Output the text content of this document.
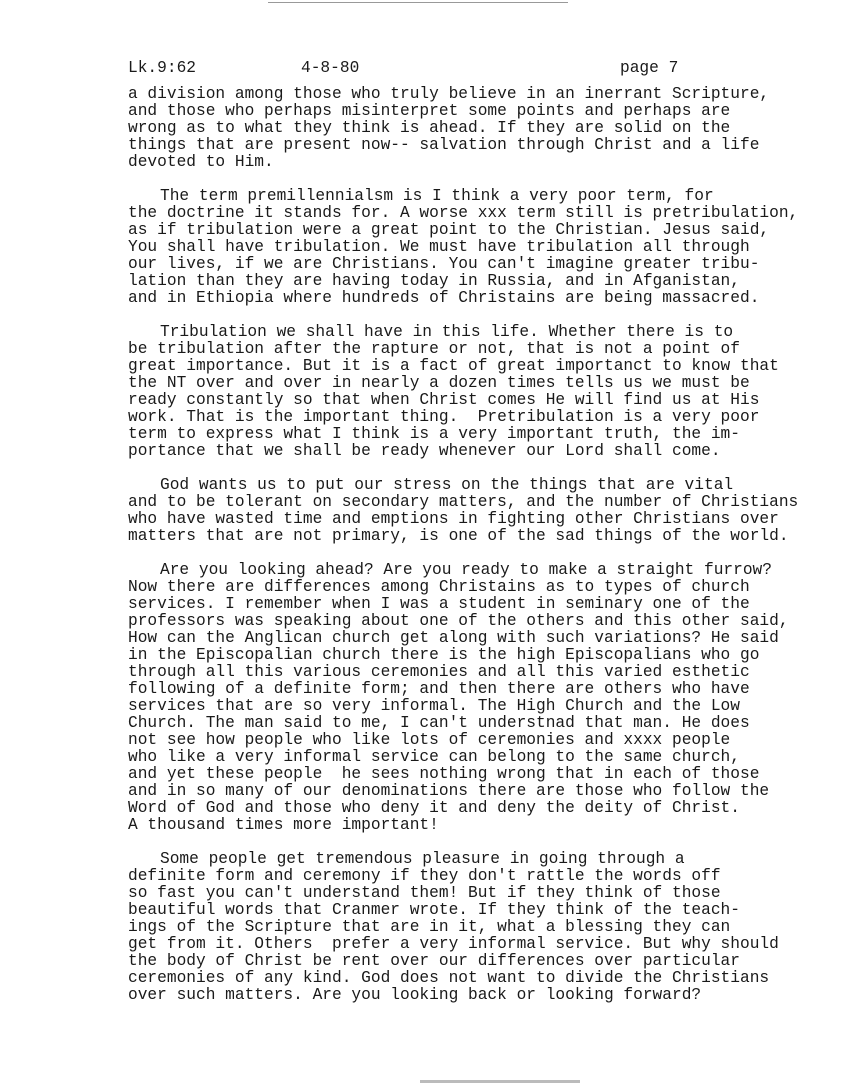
Lk.9:62	4-8-80	page 7
a division among those who truly believe in an inerrant Scripture,
and those who perhaps misinterpret some points and perhaps are
wrong as to what they think is ahead. If they are solid on the
things that are present now-- salvation through Christ and a life
devoted to Him.
The term premillennialsm is I think a very poor term, for
the doctrine it stands for. A worse xxx term still is pretribulation,
as if tribulation were a great point to the Christian. Jesus said,
You shall have tribulation. We must have tribulation all through
our lives, if we are Christians. You can't imagine greater tribu-
lation than they are having today in Russia, and in Afganistan,
and in Ethiopia where hundreds of Christains are being massacred.
Tribulation we shall have in this life. Whether there is to
be tribulation after the rapture or not, that is not a point of
great importance. But it is a fact of great importanct to know that
the NT over and over in nearly a dozen times tells us we must be
ready constantly so that when Christ comes He will find us at His
work. That is the important thing.  Pretribulation is a very poor
term to express what I think is a very important truth, the im-
portance that we shall be ready whenever our Lord shall come.
God wants us to put our stress on the things that are vital
and to be tolerant on secondary matters, and the number of Christians
who have wasted time and emptions in fighting other Christians over
matters that are not primary, is one of the sad things of the world.
Are you looking ahead? Are you ready to make a straight furrow?
Now there are differences among Christains as to types of church
services. I remember when I was a student in seminary one of the
professors was speaking about one of the others and this other said,
How can the Anglican church get along with such variations? He said
in the Episcopalian church there is the high Episcopalians who go
through all this various ceremonies and all this varied esthetic
following of a definite form; and then there are others who have
services that are so very informal. The High Church and the Low
Church. The man said to me, I can't understnad that man. He does
not see how people who like lots of ceremonies and xxxx people
who like a very informal service can belong to the same church,
and yet these people  he sees nothing wrong that in each of those
and in so many of our denominations there are those who follow the
Word of God and those who deny it and deny the deity of Christ.
A thousand times more important!
Some people get tremendous pleasure in going through a
definite form and ceremony if they don't rattle the words off
so fast you can't understand them! But if they think of those
beautiful words that Cranmer wrote. If they think of the teach-
ings of the Scripture that are in it, what a blessing they can
get from it. Others  prefer a very informal service. But why should
the body of Christ be rent over our differences over particular
ceremonies of any kind. God does not want to divide the Christians
over such matters. Are you looking back or looking forward?
